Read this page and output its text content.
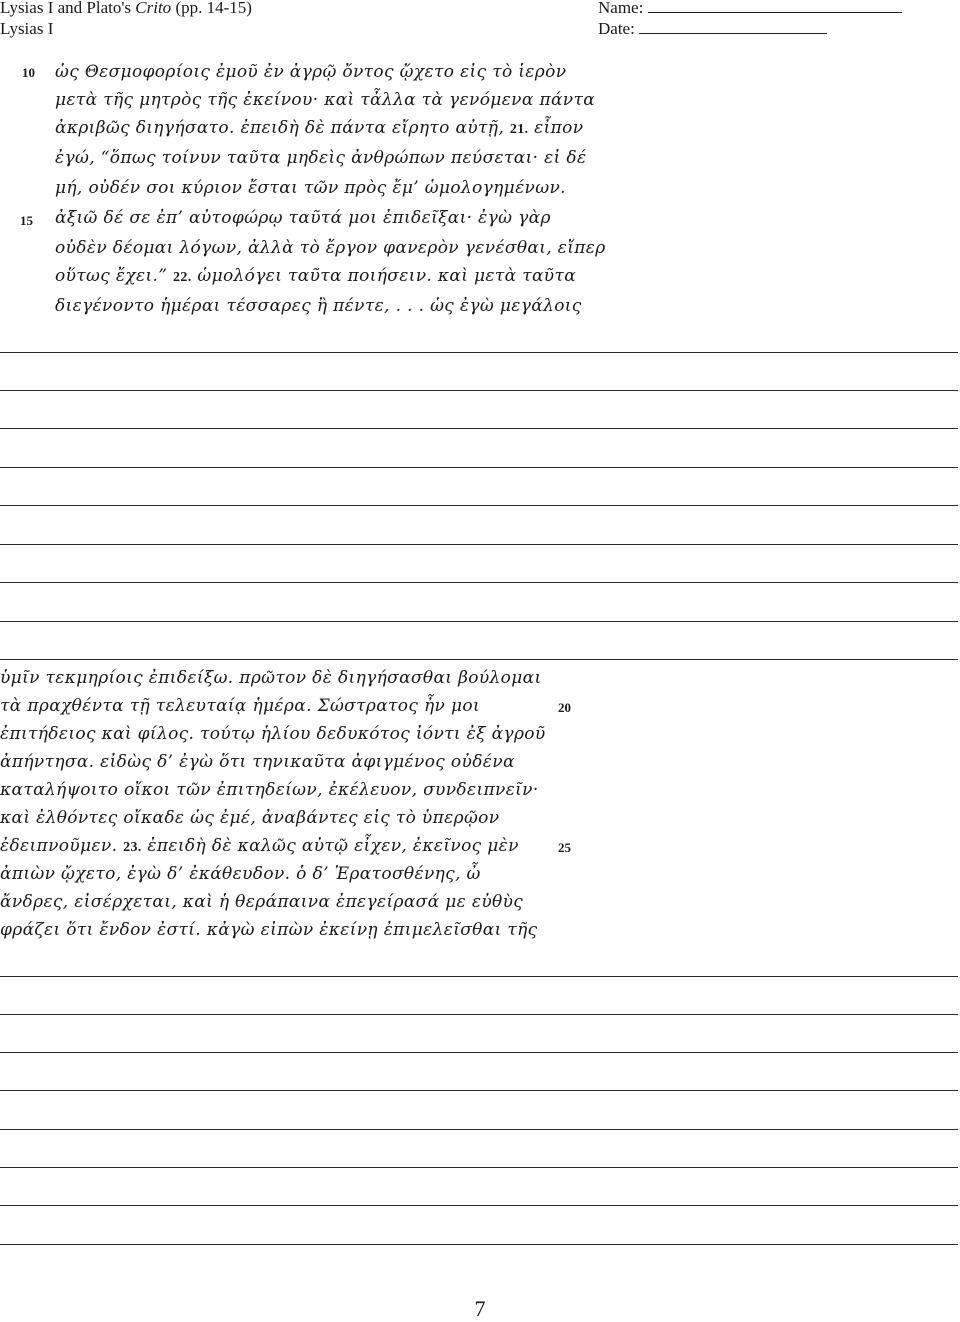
Lysias I and Plato's Crito (pp. 14-15)
Lysias I
Name:
Date:
10 ὡς Θεσμοφορίοις ἐμοῦ ἐν ἀγρῷ ὄντος ᾤχετο εἰς τὸ ἱερὸν
μετὰ τῆς μητρὸς τῆς ἐκείνου· καὶ τἆλλα τὰ γενόμενα πάντα
ἀκριβῶς διηγήσατο. ἐπειδὴ δὲ πάντα εἴρητο αὐτῇ, 21. εἶπον
ἐγώ, “ὅπως τοίνυν ταῦτα μηδεὶς ἀνθρώπων πεύσεται· εἰ δέ
μή, οὐδέν σοι κύριον ἔσται τῶν πρὸς ἔμ’ ὡμολογημένων.
15 ἀξιῶ δέ σε ἐπ’ αὐτοφώρῳ ταῦτά μοι ἐπιδεῖξαι· ἐγὼ γὰρ
οὐδὲν δέομαι λόγων, ἀλλὰ τὸ ἔργον φανερὸν γενέσθαι, εἴπερ
οὕτως ἔχει.” 22. ὡμολόγει ταῦτα ποιήσειν. καὶ μετὰ ταῦτα
διεγένοντο ἡμέραι τέσσαρες ἢ πέντε, . . . ὡς ἐγὼ μεγάλοις
ὑμῖν τεκμηρίοις ἐπιδείξω. πρῶτον δὲ διηγήσασθαι βούλομαι
τὰ πραχθέντα τῇ τελευταίᾳ ἡμέρα. Σώστρατος ἦν μοι	20
ἐπιτήδειος καὶ φίλος. τούτῳ ἡλίου δεδυκότος ἰόντι ἐξ ἀγροῦ
ἀπήντησα. εἰδὼς δ’ ἐγὼ ὅτι τηνικαῦτα ἀφιγμένος οὐδένα
καταλήψοιτο οἴκοι τῶν ἐπιτηδείων, ἐκέλευον, συνδειπνεῖν·
καὶ ἐλθόντες οἴκαδε ὡς ἐμέ, ἀναβάντες εἰς τὸ ὑπερῷον
ἐδειπνοῦμεν. 23. ἐπειδὴ δὲ καλῶς αὐτῷ εἶχεν, ἐκεῖνος μὲν	25
ἀπιὼν ᾤχετο, ἐγὼ δ’ ἐκάθευδον. ὁ δ’ Ἐρατοσθένης, ὦ
ἄνδρες, εἰσέρχεται, καὶ ἡ θεράπαινα ἐπεγείρασά με εὐθὺς
φράζει ὅτι ἔνδον ἐστί. κἀγὼ εἰπὼν ἐκείνῃ ἐπιμελεῖσθαι τῆς
7
